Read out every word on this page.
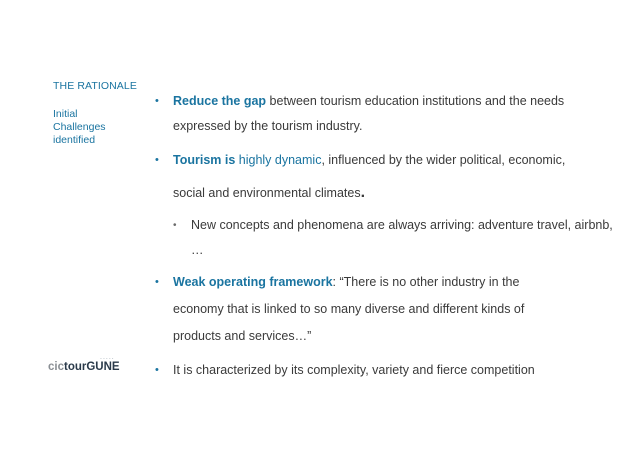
THE RATIONALE
Initial
Challenges
identified
.....
cictourGUNE
• Reduce the gap between tourism education institutions and the needs
expressed by the tourism industry.
• Tourism is highly dynamic, influenced by the wider political, economic,
social and environmental climates.
• New concepts and phenomena are always arriving: adventure travel, airbnb, …
• Weak operating framework: “There is no other industry in the
economy that is linked to so many diverse and different kinds of
products and services…”
• It is characterized by its complexity, variety and fierce competition
